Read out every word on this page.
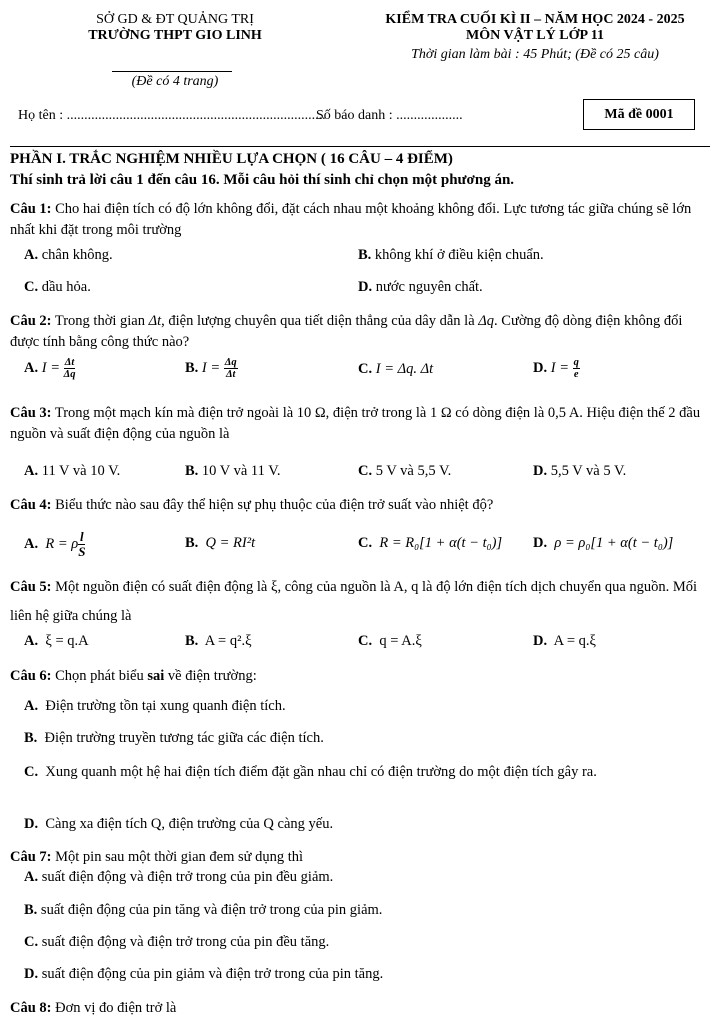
SỞ GD & ĐT QUẢNG TRỊ
TRƯỜNG THPT GIO LINH
(Đề có 4 trang)
KIỂM TRA CUỐI KÌ II – NĂM HỌC 2024 - 2025
MÔN VẬT LÝ LỚP 11
Thời gian làm bài : 45 Phút; (Đề có 25 câu)
Họ tên : ..........................................................................
Số báo danh : ...................	Mã đề 0001
PHẦN I. TRẮC NGHIỆM NHIỀU LỰA CHỌN ( 16 CÂU – 4 ĐIỂM)
Thí sinh trả lời câu 1 đến câu 16. Mỗi câu hỏi thí sinh chỉ chọn một phương án.
Câu 1: Cho hai điện tích có độ lớn không đổi, đặt cách nhau một khoảng không đổi. Lực tương tác giữa chúng sẽ lớn nhất khi đặt trong môi trường
A. chân không.	B. không khí ở điều kiện chuẩn.
C. dầu hỏa.	D. nước nguyên chất.
Câu 2: Trong thời gian Δt, điện lượng chuyên qua tiết diện thẳng của dây dẫn là Δq. Cường độ dòng điện không đổi được tính bằng công thức nào?
A. $I = \frac{\Delta t}{\Delta q}$	B. $I = \frac{\Delta q}{\Delta t}$	C. I = Δq. Δt	D. $I = \frac{q}{e}$
Câu 3: Trong một mạch kín mà điện trở ngoài là 10 Ω, điện trở trong là 1 Ω có dòng điện là 0,5 A. Hiệu điện thế 2 đầu nguồn và suất điện động của nguồn là
A. 11 V và 10 V.	B. 10 V và 11 V.	C. 5 V và 5,5 V.	D. 5,5 V và 5 V.
Câu 4: Biểu thức nào sau đây thể hiện sự phụ thuộc của điện trở suất vào nhiệt độ?
A. R = ρ $\frac{l}{S}$	B. Q = RI²t	C. R = R₀[1 + α(t − t₀)] D. ρ = ρ₀[1 + α(t − t₀)]
Câu 5: Một nguồn điện có suất điện động là ξ, công của nguồn là A, q là độ lớn điện tích dịch chuyển qua nguồn. Mối liên hệ giữa chúng là
A. ξ = q.A	B. A = q².ξ	C. q = A.ξ	D. A = q.ξ
Câu 6: Chọn phát biểu sai về điện trường:
A. Điện trường tồn tại xung quanh điện tích.
B. Điện trường truyền tương tác giữa các điện tích.
C. Xung quanh một hệ hai điện tích điểm đặt gần nhau chỉ có điện trường do một điện tích gây ra.
D. Càng xa điện tích Q, điện trường của Q càng yếu.
Câu 7: Một pin sau một thời gian đem sử dụng thì
A. suất điện động và điện trở trong của pin đều giảm.
B. suất điện động của pin tăng và điện trở trong của pin giảm.
C. suất điện động và điện trở trong của pin đều tăng.
D. suất điện động của pin giảm và điện trở trong của pin tăng.
Câu 8: Đơn vị đo điện trở là
